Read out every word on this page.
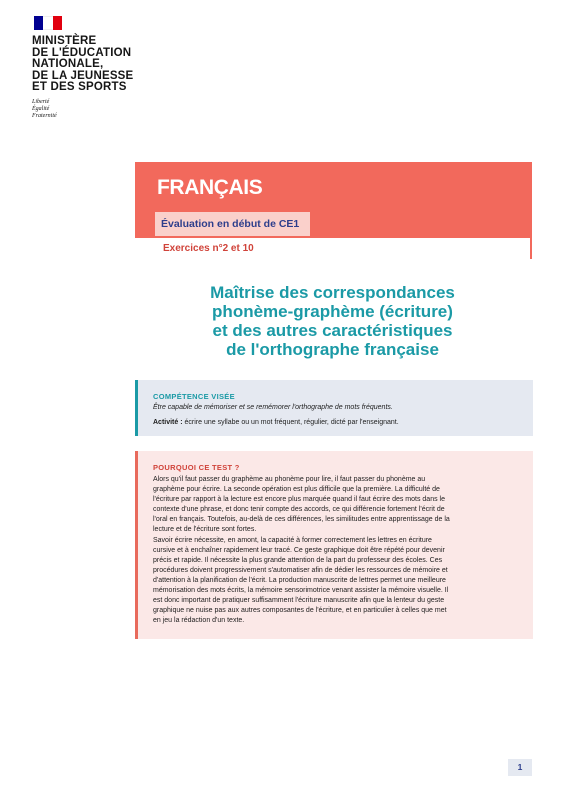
MINISTÈRE
DE L'ÉDUCATION
NATIONALE,
DE LA JEUNESSE
ET DES SPORTS
Liberté
Égalité
Fraternité
FRANÇAIS
Évaluation en début de CE1
Exercices n°2 et 10
Maîtrise des correspondances
phonème-graphème (écriture)
et des autres caractéristiques
de l'orthographe française
COMPÉTENCE VISÉE
Être capable de mémoriser et se remémorer l'orthographe de mots fréquents.
Activité : écrire une syllabe ou un mot fréquent, régulier, dicté par l'enseignant.
POURQUOI CE TEST ?
Alors qu'il faut passer du graphème au phonème pour lire, il faut passer du phonème au
graphème pour écrire. La seconde opération est plus difficile que la première. La difficulté de
l'écriture par rapport à la lecture est encore plus marquée quand il faut écrire des mots dans le
contexte d'une phrase, et donc tenir compte des accords, ce qui différencie fortement l'écrit de
l'oral en français. Toutefois, au-delà de ces différences, les similitudes entre apprentissage de la
lecture et de l'écriture sont fortes.
Savoir écrire nécessite, en amont, la capacité à former correctement les lettres en écriture
cursive et à enchaîner rapidement leur tracé. Ce geste graphique doit être répété pour devenir
précis et rapide. Il nécessite la plus grande attention de la part du professeur des écoles. Ces
procédures doivent progressivement s'automatiser afin de dédier les ressources de mémoire et
d'attention à la planification de l'écrit. La production manuscrite de lettres permet une meilleure
mémorisation des mots écrits, la mémoire sensorimotrice venant assister la mémoire visuelle. Il
est donc important de pratiquer suffisamment l'écriture manuscrite afin que la lenteur du geste
graphique ne nuise pas aux autres composantes de l'écriture, et en particulier à celles que met
en jeu la rédaction d'un texte.
1
